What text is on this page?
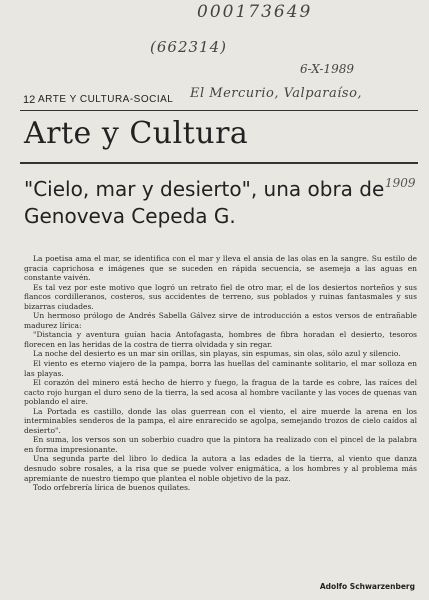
000173649
(662314)
6-X-1989
El Mercurio, Valparaíso,
1909
12 ARTE Y CULTURA-SOCIAL
Arte y Cultura
"Cielo, mar y desierto", una obra de Genoveva Cepeda G.

La poetisa ama el mar, se identifica con el mar y lleva el ansia de las olas en la sangre. Su estilo de gracia caprichosa e imágenes que se suceden en rápida secuencia, se asemeja a las aguas en constante vaivén.

Es tal vez por este motivo que logró un retrato fiel de otro mar, el de los desiertos norteños y sus flancos cordilleranos, costeros, sus accidentes de terreno, sus poblados y ruinas fantasmales y sus bizarras ciudades.

Un hermoso prólogo de Andrés Sabella Gálvez sirve de introducción a estos versos de entrañable madurez lírica:

"Distancia y aventura guían hacia Antofagasta, hombres de fibra horadan el desierto, tesoros florecen en las heridas de la costra de tierra olvidada y sin regar.

La noche del desierto es un mar sin orillas, sin playas, sin espumas, sin olas, sólo azul y silencio.

El viento es eterno viajero de la pampa, borra las huellas del caminante solitario, el mar solloza en las playas.

El corazón del minero está hecho de hierro y fuego, la fragua de la tarde es cobre, las raíces del cacto rojo hurgan el duro seno de la tierra, la sed acosa al hombre vacilante y las voces de quenas van poblando el aire.

La Portada es castillo, donde las olas guerrean con el viento, el aire muerde la arena en los interminables senderos de la pampa, el aire enrarecido se agolpa, semejando trozos de cielo caídos al desierto".

En suma, los versos son un soberbio cuadro que la pintora ha realizado con el pincel de la palabra en forma impresionante.

Una segunda parte del libro lo dedica la autora a las edades de la tierra, al viento que danza desnudo sobre rosales, a la risa que se puede volver enigmática, a los hombres y al problema más apremiante de nuestro tiempo que plantea el noble objetivo de la paz.

Todo orfebrería lírica de buenos quilates.

Adolfo Schwarzenberg
